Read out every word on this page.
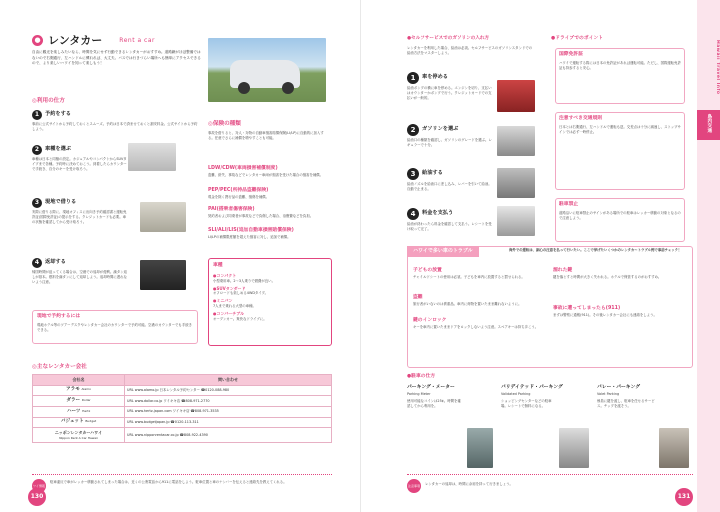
● レンタカー	Rent a car
自由に観光を楽しみたいなら、時間を気にせず行動できるレンタカーがおすすめ。道路網がほぼ整備ではないので右側通行、左ハンドルに慣れれば、大丈夫。バスでは行きづらい場所へも簡単にアクセスできるので、より楽しいハワイを知って楽しもう！
◎利用の仕方
1 予約をする
事前に公式サイトから予約しておくとスムーズ。予約は日本で済ませておくと割安料金。公式サイトから予約しよう。
2 車種を選ぶ
車種は日本と同様の設定。カジュアルやコンパクトからSUVタイプまで各種。予約時に決めておこう。到着したらカウンターで手続き、自分のキーを受け取ろう。
3 現地で借りる
実際に借りる際に、現地オフィスに出向き予約確認書と運転免許証(国際免許証)の提示をする。クレジットカードも必要。車の状態を確認してから受け取ろう。
4 返却する
帰国時間が迫ってくる場合は、空港での返却が便利。満タン返しが基本。燃料を満タンにして返却しよう。返却時間に遅れないよう注意。
現地で予約するには
現地ホテル等のツアーデスクやレンタカー会社のカウンターで予約可能。空港のカウンターでも手続きできる。
◎保険の種類
事故を借りると、対人・対物の自動車損害賠償保険(LI/LP)に自動的に加入する。任意でさらに補償を増やすことも可能。
LDW/CDW(車両損害補償制度)
盗難、紛失、事故などでレンタカー車両が損害を受けた場合の損害を補償。
PEP/PEC(所持品盗難保険)
現金を除く携行品の盗難、損傷を補償。
PAI(搭乗者傷害保険)
契約者および同乗者が事故などで負傷した場合、治療費などを負担。
SLI/ALI/LIS(追加自動車損害賠償保険)
LI/LPの補償限度額を超えた損害に対し、追加で補償。
車種
●コンパクト
小型乗用車。2〜3人乗りで燃費が良い。
●SUVタンダード
オフロードも楽しめる4WDタイプ。
●ミニバン
7人まで乗れる大型の車種。
●コンバーチブル
オープンカー。爽快なドライブに。
◎主なレンタカー会社
会社名	問い合わせ
アラモ Alamo	URL www.alamo.jp 日本レンタル予約センター ☎0120-088-980
ダラー Dollar	URL www.dollar.co.jp ワイキキ店 ☎808-971-2770
ハーツ Hertz	URL www.hertz-japan.com ワイキキ店 ☎808-971-3535
バジェット Budget	URL www.budgetjapan.jp ☎0120-113-311

ニッポンレンタカーハワイ
Nippon Rent A Car Hawaii	URL www.nipponrentacar.co.jp ☎808-922-4390
ワイ情報
駐車違反で車がレッカー移動されてしまった場合は、近くの公衆電話から911に電話をしよう。駐車位置と車のナンバーを伝えると連絡先を教えてくれる。
130
●セルフサービスでのガソリンの入れ方
レンタカーを利用した場合、給油は必須。セルフサービスのガソリンスタンドでの給油方法をマスターしよう。
1 車を停める
給油ポンプの横に車を停める。エンジンを切り、支払いはカウンターかポンプで行う。クレジットカードでの支払いが一般的。
2 ガソリンを選ぶ
給油口の種類を確認し、ガソリンのグレードを選ぶ。レギュラーで十分。
3 給油する
給油ノズルを給油口に差し込み、レバーを引いて給油。自動で止まる。
4 料金を支払う
給油が終わったら料金を確認して支払う。レシートを受け取って完了。
●ドライブでのポイント
国際免許証
ハワイで運転する際には日本の免許証があれば運転可能。ただし、国際運転免許証も持参すると安心。
注意すべき交通規則
日本とは右側通行、左ハンドルで運転も逆。交差点は十分に減速し、ストップサインでは必ず一時停止。
駐車禁止
道路沿いに駐車禁止のサインがある場所での駐車はレッカー移動の対象となるので注意しよう。
ハワイで多い車のトラブル	海外での運転は、細心の注意を払って行いたい。ここで挙げたいくつかのレンタカートラブル例で事前チェック！
子どもの放置
チャイルドシートの使用は必須。子どもを車内に放置すると罰せられる。
盗難
旅行者がいないのは貴重品。車内に荷物を置いたまま離れないように。
鍵のインロック
キーを車内に置いたままドアをロックしないよう注意。スペアキーは持ち歩こう。
溜れた鍵
鍵を落とすと時間が大きく失われる。ホテルで保管するのがおすすめ。
事故に遭ってしまったら(911)
まずは警察に通報(911)。その後レンタカー会社にも連絡をしよう。
●駐車の仕方
パーキング・メーター
Parking Meter
使用可能なコインは25¢。時間を確認してから利用を。
バリデイテッド・パーキング
Validated Parking
ショッピングセンターなどの駐車場。レシートで無料になる。
バレー・パーキング
Valet Parking
係員に鍵を渡し、駐車を任せるサービス。チップを渡そう。
注意事項 レンタカーの返却は、時間に余裕を持って行きましょう。
131
Hawaii Travel Info
島内交通
